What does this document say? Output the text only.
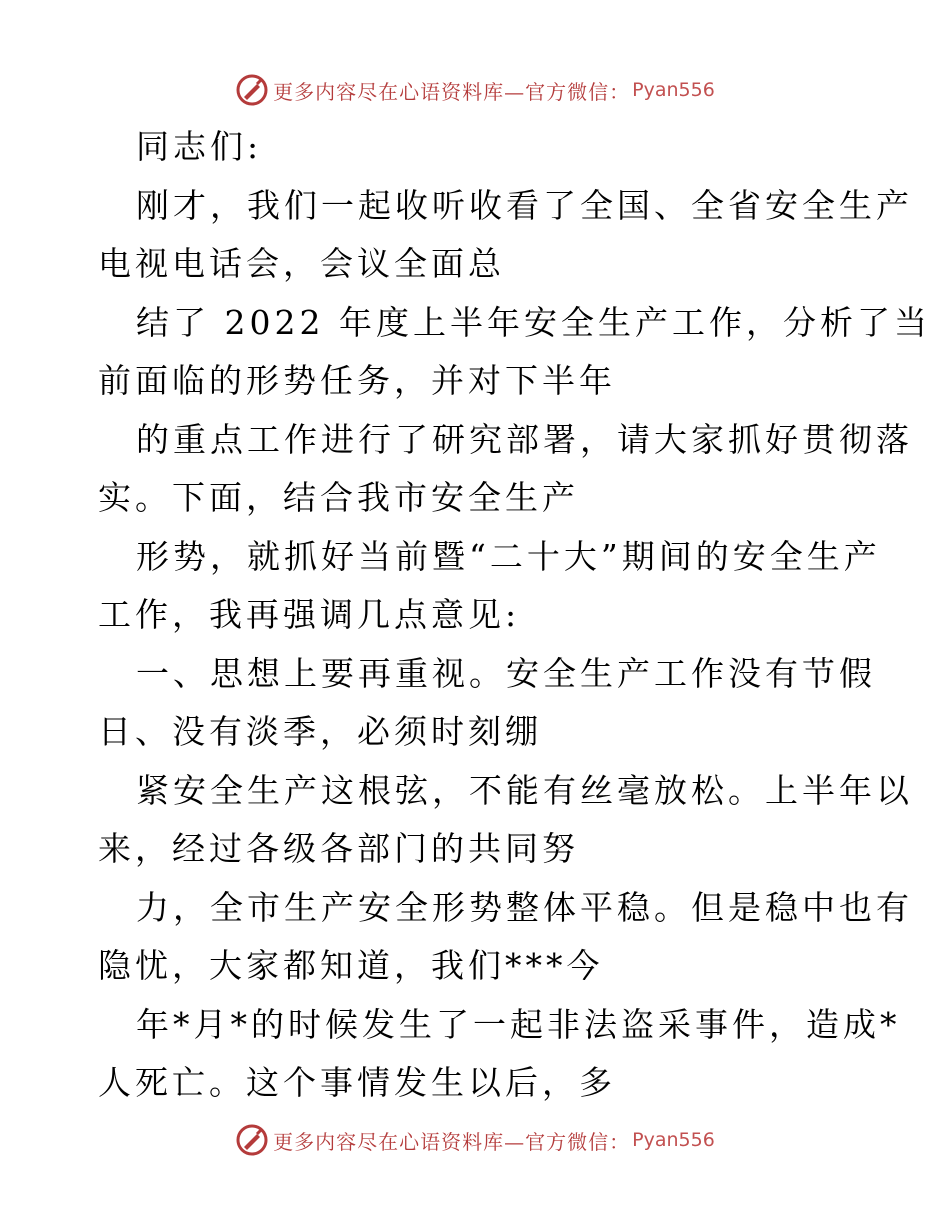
更多内容尽在心语资料库—官方微信： Pyan556
同志们:
刚才，我们一起收听收看了全国、全省安全生产
电视电话会，会议全面总
结了 2022 年度上半年安全生产工作，分析了当
前面临的形势任务，并对下半年
的重点工作进行了研究部署，请大家抓好贯彻落
实。下面，结合我市安全生产
形势，就抓好当前暨“二十大”期间的安全生产
工作，我再强调几点意见:
一、思想上要再重视。安全生产工作没有节假
日、没有淡季，必须时刻绷
紧安全生产这根弦，不能有丝毫放松。上半年以
来，经过各级各部门的共同努
力，全市生产安全形势整体平稳。但是稳中也有
隐忧，大家都知道，我们***今
年*月*的时候发生了一起非法盗采事件，造成*
人死亡。这个事情发生以后，多
更多内容尽在心语资料库—官方微信： Pyan556
